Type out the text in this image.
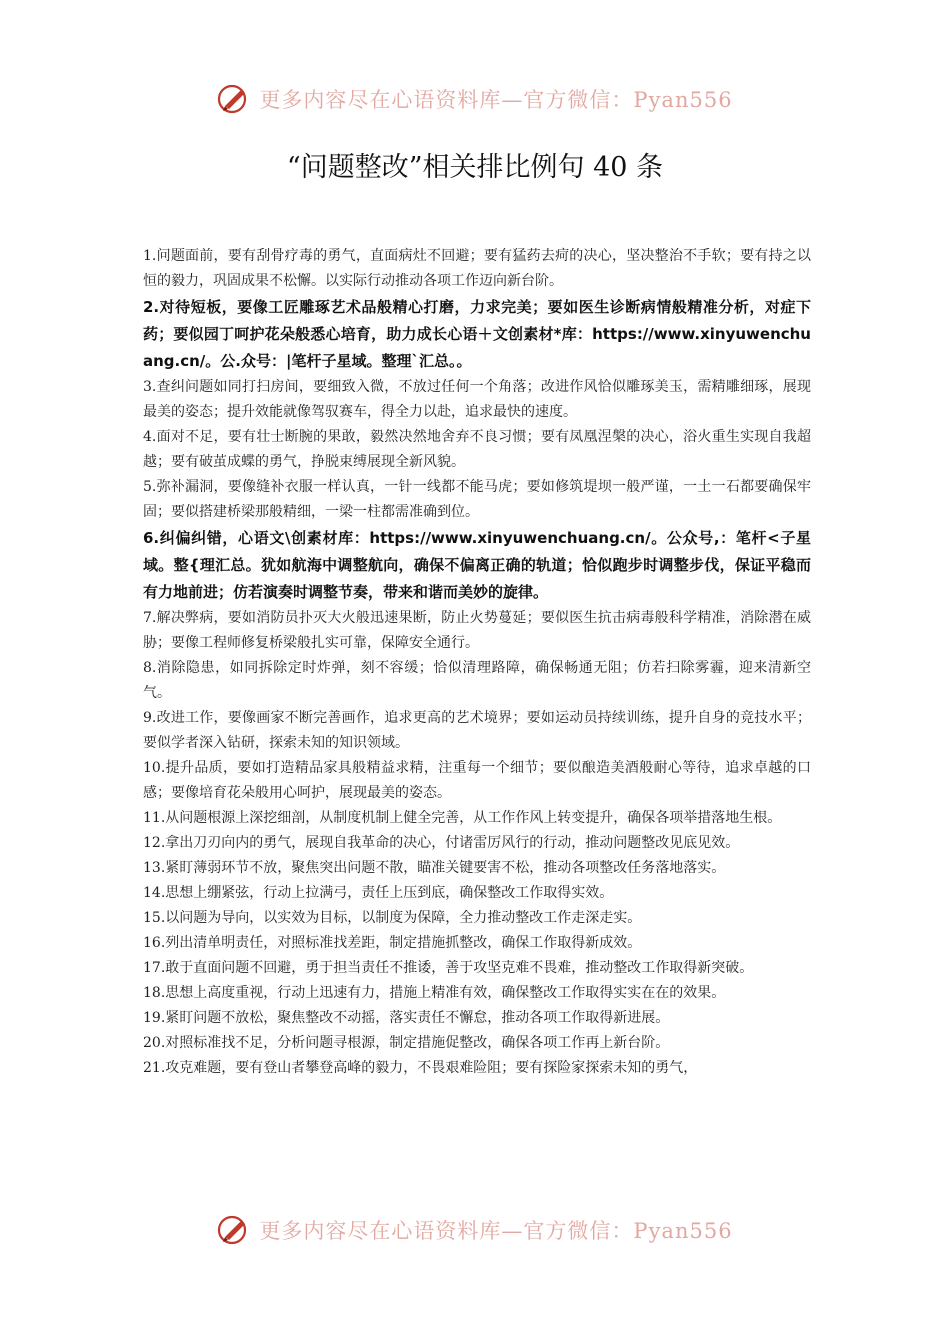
更多内容尽在心语资料库—官方微信：Pyan556
“问题整改”相关排比例句 40 条

1.问题面前，要有刮骨疗毒的勇气，直面病灶不回避；要有猛药去疴的决心，坚决整治不手软；要有持之以恒的毅力，巩固成果不松懈。以实际行动推动各项工作迈向新台阶。

2.对待短板，要像工匠雕琢艺术品般精心打磨，力求完美；要如医生诊断病情般精准分析，对症下药；要似园丁呵护花朵般悉心培育，助力成长心语＋文创素材*库：https://www.xinyuwenchuang.cn/。公.众号：|笔杆子星域。整理`汇总。。

3.查纠问题如同打扫房间，要细致入微，不放过任何一个角落；改进作风恰似雕琢美玉，需精雕细琢，展现最美的姿态；提升效能就像驾驭赛车，得全力以赴，追求最快的速度。

4.面对不足，要有壮士断腕的果敢，毅然决然地舍弃不良习惯；要有凤凰涅槃的决心，浴火重生实现自我超越；要有破茧成蝶的勇气，挣脱束缚展现全新风貌。

5.弥补漏洞，要像缝补衣服一样认真，一针一线都不能马虎；要如修筑堤坝一般严谨，一土一石都要确保牢固；要似搭建桥梁那般精细，一梁一柱都需准确到位。

6.纠偏纠错，心语文\创素材库：https://www.xinyuwenchuang.cn/。公众号,：笔杆<子星域。整{理汇总。犹如航海中调整航向，确保不偏离正确的轨道；恰似跑步时调整步伐，保证平稳而有力地前进；仿若演奏时调整节奏，带来和谐而美妙的旋律。

7.解决弊病，要如消防员扑灭大火般迅速果断，防止火势蔓延；要似医生抗击病毒般科学精准，消除潜在威胁；要像工程师修复桥梁般扎实可靠，保障安全通行。

8.消除隐患，如同拆除定时炸弹，刻不容缓；恰似清理路障，确保畅通无阻；仿若扫除雾霾，迎来清新空气。

9.改进工作，要像画家不断完善画作，追求更高的艺术境界；要如运动员持续训练，提升自身的竞技水平；要似学者深入钻研，探索未知的知识领域。

10.提升品质，要如打造精品家具般精益求精，注重每一个细节；要似酿造美酒般耐心等待，追求卓越的口感；要像培育花朵般用心呵护，展现最美的姿态。

11.从问题根源上深挖细剖，从制度机制上健全完善，从工作作风上转变提升，确保各项举措落地生根。

12.拿出刀刃向内的勇气，展现自我革命的决心，付诸雷厉风行的行动，推动问题整改见底见效。

13.紧盯薄弱环节不放，聚焦突出问题不散，瞄准关键要害不松，推动各项整改任务落地落实。

14.思想上绷紧弦，行动上拉满弓，责任上压到底，确保整改工作取得实效。

15.以问题为导向，以实效为目标，以制度为保障，全力推动整改工作走深走实。

16.列出清单明责任，对照标准找差距，制定措施抓整改，确保工作取得新成效。

17.敢于直面问题不回避，勇于担当责任不推诿，善于攻坚克难不畏难，推动整改工作取得新突破。

18.思想上高度重视，行动上迅速有力，措施上精准有效，确保整改工作取得实实在在的效果。

19.紧盯问题不放松，聚焦整改不动摇，落实责任不懈怠，推动各项工作取得新进展。

20.对照标准找不足，分析问题寻根源，制定措施促整改，确保各项工作再上新台阶。

21.攻克难题，要有登山者攀登高峰的毅力，不畏艰难险阻；要有探险家探索未知的勇气，

更多内容尽在心语资料库—官方微信：Pyan556
